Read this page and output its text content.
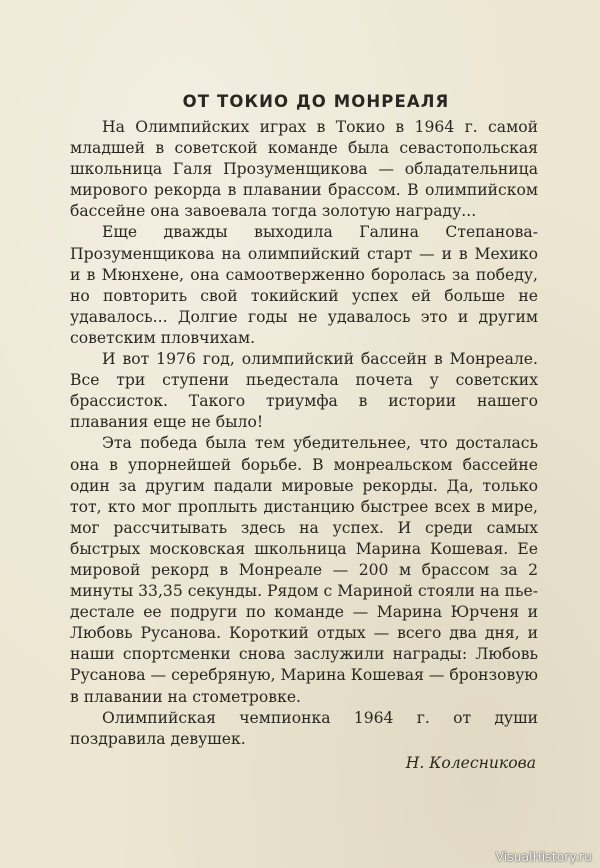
ОТ ТОКИО ДО МОНРЕАЛЯ

На Олимпийских играх в Токио в 1964 г. самой младшей в советской команде была севастопольская школьница Галя Прозуменщикова — обладательница мирового рекорда в плавании брассом. В олимпийском бассейне она завоевала тогда золотую награду...

Еще дважды выходила Галина Степанова-Прозуменщикова на олимпийский старт — и в Мехико и в Мюнхене, она самоотверженно боролась за победу, но повторить свой токийский успех ей больше не удавалось... Долгие годы не удавалось это и другим советским пловчихам.

И вот 1976 год, олимпийский бассейн в Монреале. Все три ступени пьедестала почета у советских брассисток. Такого триумфа в истории нашего плавания еще не было!

Эта победа была тем убедительнее, что досталась она в упорнейшей борьбе. В монреальском бассейне один за другим падали мировые рекорды. Да, только тот, кто мог проплыть дистанцию быстрее всех в мире, мог рассчитывать здесь на успех. И среди самых быстрых московская школьница Марина Кошевая. Ее мировой рекорд в Монреале — 200 м брассом за 2 минуты 33,35 секунды. Рядом с Мариной стояли на пьедестале ее подруги по команде — Марина Юрченя и Любовь Русанова. Короткий отдых — всего два дня, и наши спортсменки снова заслужили награды: Любовь Русанова — серебряную, Марина Кошевая — бронзовую в плавании на стометровке.

Олимпийская чемпионка 1964 г. от души поздравила девушек.

Н. Колесникова
VisualHistory.ru
